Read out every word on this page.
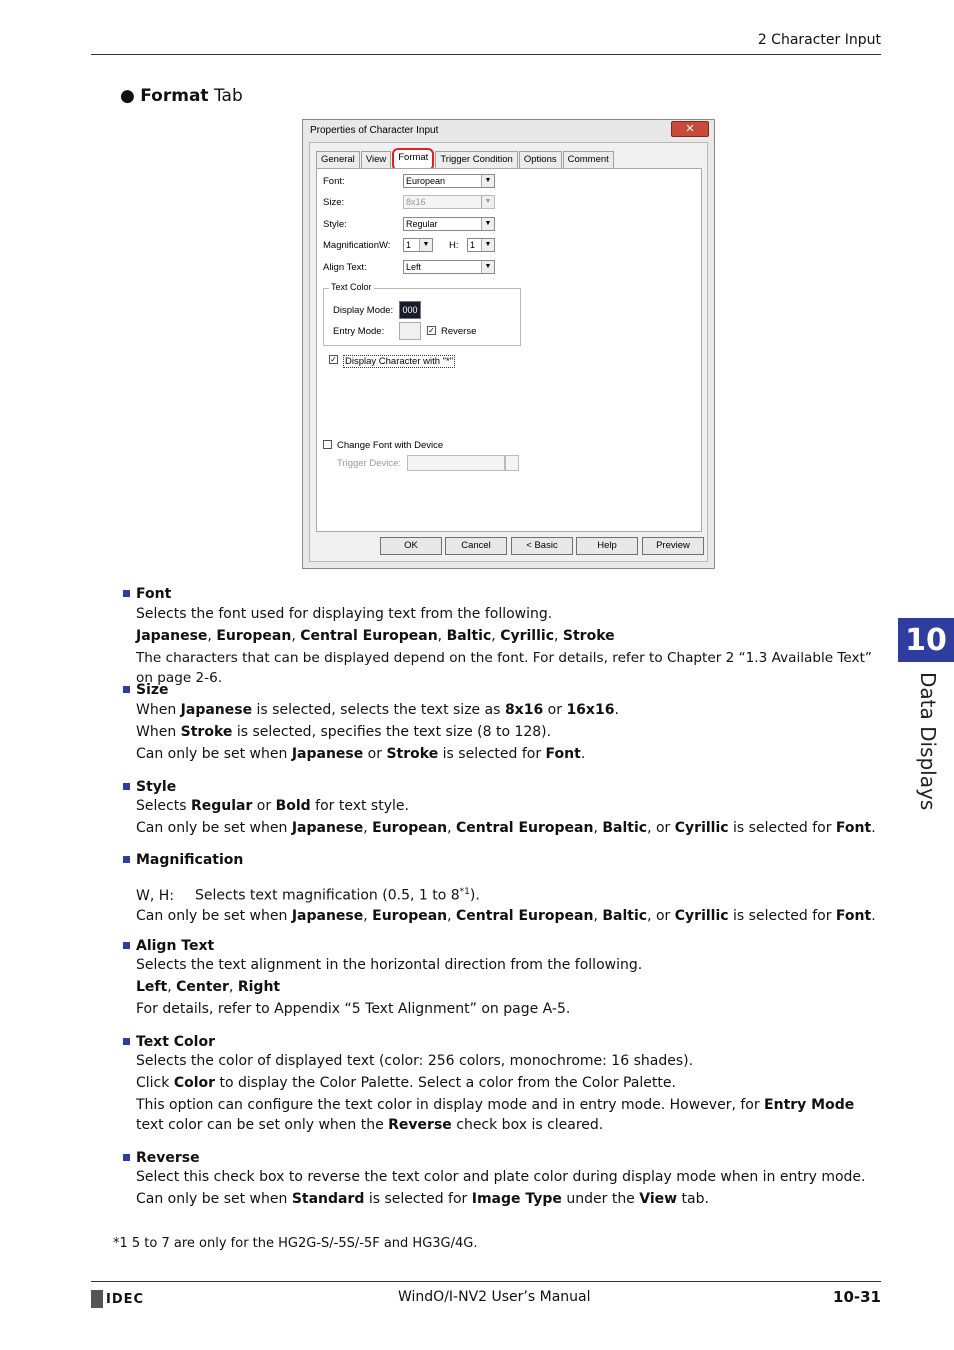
2 Character Input
10
Data Displays
● Format Tab
Properties of Character Input	✕
General	View	Format	Trigger Condition	Options	Comment
Font:	European	▼
Size:	8x16	▼
Style:	Regular	▼
Magnification W:	1	▼ H:	1	▼
Align Text:	Left	▼
Text Color
Display Mode:	000
Entry Mode:	✓ Reverse
✓ Display Character with "*"
Change Font with Device
Trigger Device:
OK	Cancel	< Basic	Help	Preview
Font
Selects the font used for displaying text from the following.
Japanese, European, Central European, Baltic, Cyrillic, Stroke
The characters that can be displayed depend on the font. For details, refer to Chapter 2 “1.3 Available Text” on page 2-6.
Size
When Japanese is selected, selects the text size as 8x16 or 16x16.
When Stroke is selected, specifies the text size (8 to 128).
Can only be set when Japanese or Stroke is selected for Font.
Style
Selects Regular or Bold for text style.
Can only be set when Japanese, European, Central European, Baltic, or Cyrillic is selected for Font.
Magnification
W, H: Selects text magnification (0.5, 1 to 8$^{*1}$).
Can only be set when Japanese, European, Central European, Baltic, or Cyrillic is selected for Font.
Align Text
Selects the text alignment in the horizontal direction from the following.
Left, Center, Right
For details, refer to Appendix “5 Text Alignment” on page A-5.
Text Color
Selects the color of displayed text (color: 256 colors, monochrome: 16 shades).
Click Color to display the Color Palette. Select a color from the Color Palette.
This option can configure the text color in display mode and in entry mode. However, for Entry Mode text color can be set only when the Reverse check box is cleared.
Reverse
Select this check box to reverse the text color and plate color during display mode when in entry mode.
Can only be set when Standard is selected for Image Type under the View tab.
*1 5 to 7 are only for the HG2G-S/-5S/-5F and HG3G/4G.
IDEC	WindO/I-NV2 User’s Manual	10-31
